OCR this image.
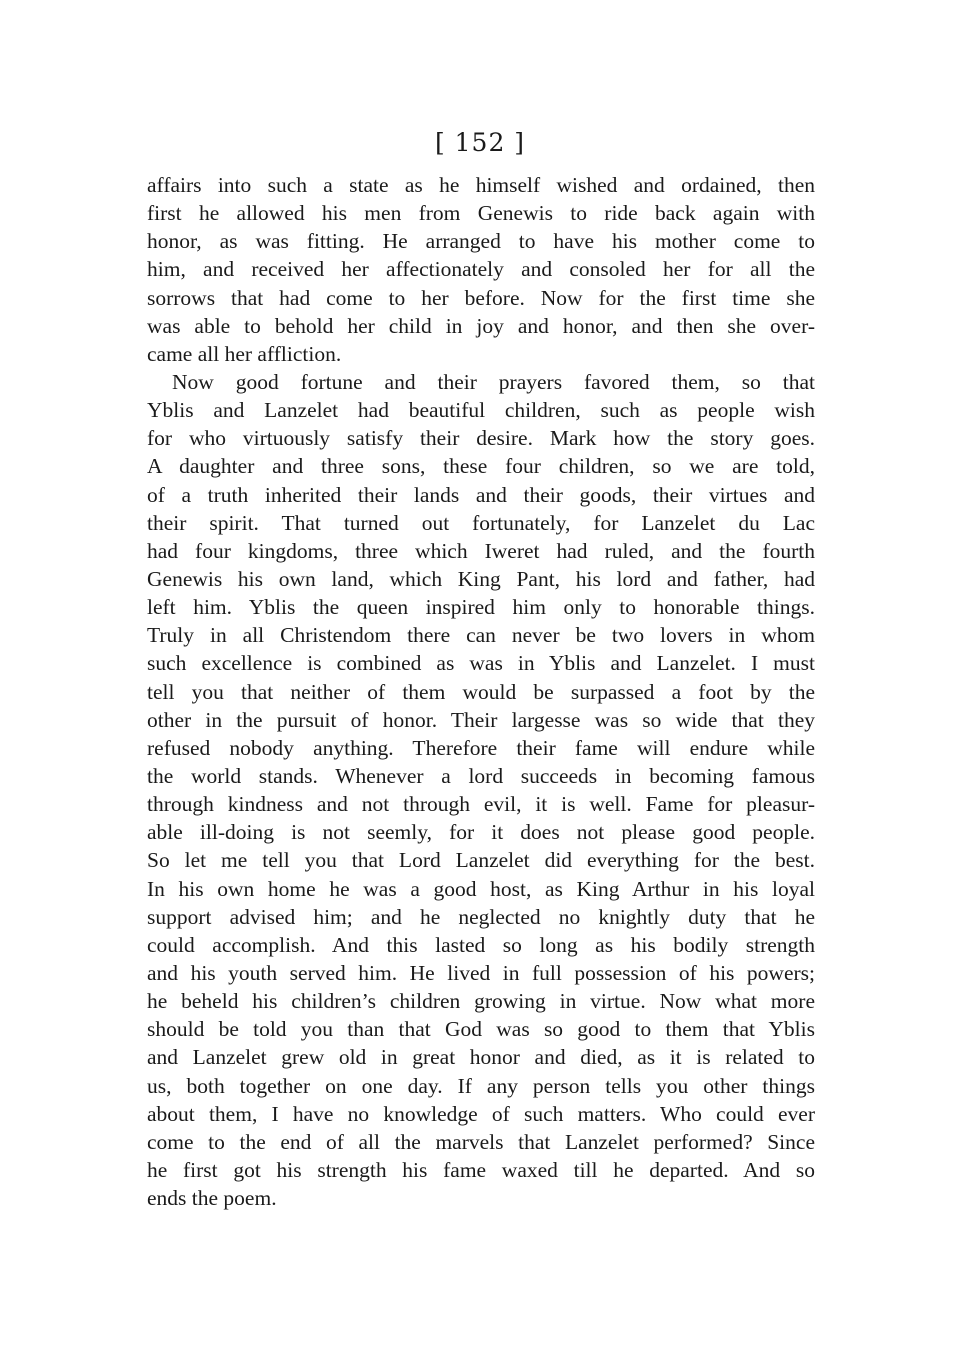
[ 152 ]
affairs into such a state as he himself wished and ordained, then
first he allowed his men from Genewis to ride back again with
honor, as was fitting. He arranged to have his mother come to
him, and received her affectionately and consoled her for all the
sorrows that had come to her before. Now for the first time she
was able to behold her child in joy and honor, and then she over-
came all her affliction.
Now good fortune and their prayers favored them, so that
Yblis and Lanzelet had beautiful children, such as people wish
for who virtuously satisfy their desire. Mark how the story goes.
A daughter and three sons, these four children, so we are told,
of a truth inherited their lands and their goods, their virtues and
their spirit. That turned out fortunately, for Lanzelet du Lac
had four kingdoms, three which Iweret had ruled, and the fourth
Genewis his own land, which King Pant, his lord and father, had
left him. Yblis the queen inspired him only to honorable things.
Truly in all Christendom there can never be two lovers in whom
such excellence is combined as was in Yblis and Lanzelet. I must
tell you that neither of them would be surpassed a foot by the
other in the pursuit of honor. Their largesse was so wide that they
refused nobody anything. Therefore their fame will endure while
the world stands. Whenever a lord succeeds in becoming famous
through kindness and not through evil, it is well. Fame for pleasur-
able ill-doing is not seemly, for it does not please good people.
So let me tell you that Lord Lanzelet did everything for the best.
In his own home he was a good host, as King Arthur in his loyal
support advised him; and he neglected no knightly duty that he
could accomplish. And this lasted so long as his bodily strength
and his youth served him. He lived in full possession of his powers;
he beheld his children’s children growing in virtue. Now what more
should be told you than that God was so good to them that Yblis
and Lanzelet grew old in great honor and died, as it is related to
us, both together on one day. If any person tells you other things
about them, I have no knowledge of such matters. Who could ever
come to the end of all the marvels that Lanzelet performed? Since
he first got his strength his fame waxed till he departed. And so
ends the poem.
